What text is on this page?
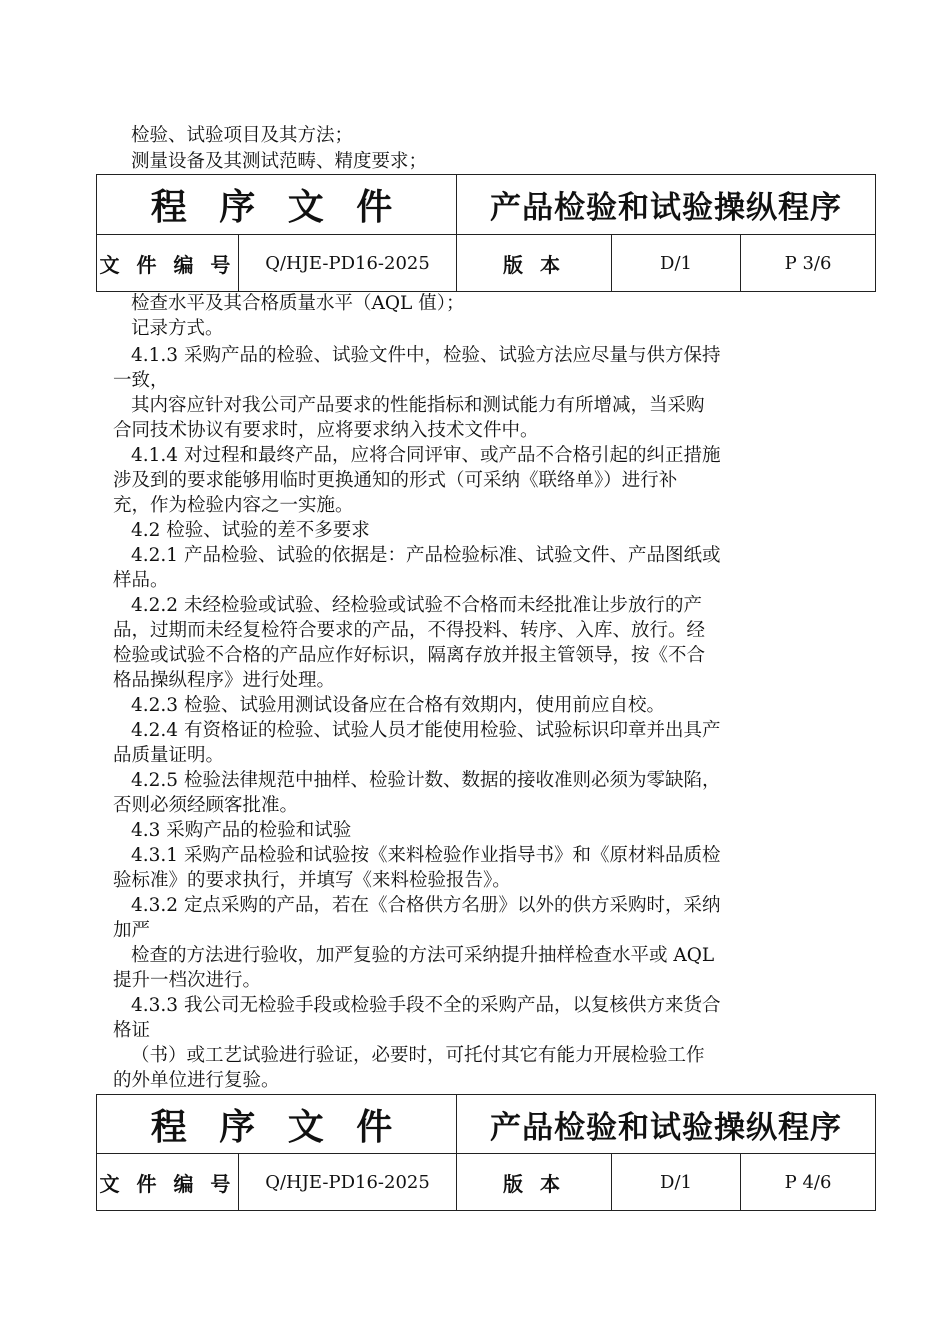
检验、试验项目及其方法；
测量设备及其测试范畴、精度要求；
程 序 文 件		产品检验和试验操纵程序		
文 件 编 号	Q/HJE-PD16-2025	版 本	D/1	P 3/6
检查水平及其合格质量水平（AQL 值）；
记录方式。
4.1.3 采购产品的检验、试验文件中，检验、试验方法应尽量与供方保持
一致，
其内容应针对我公司产品要求的性能指标和测试能力有所增减，当采购
合同技术协议有要求时，应将要求纳入技术文件中。
4.1.4 对过程和最终产品，应将合同评审、或产品不合格引起的纠正措施
涉及到的要求能够用临时更换通知的形式（可采纳《联络单》）进行补
充，作为检验内容之一实施。
4.2 检验、试验的差不多要求
4.2.1 产品检验、试验的依据是：产品检验标准、试验文件、产品图纸或
样品。
4.2.2 未经检验或试验、经检验或试验不合格而未经批准让步放行的产
品，过期而未经复检符合要求的产品，不得投料、转序、入库、放行。经
检验或试验不合格的产品应作好标识，隔离存放并报主管领导，按《不合
格品操纵程序》进行处理。
4.2.3 检验、试验用测试设备应在合格有效期内，使用前应自校。
4.2.4 有资格证的检验、试验人员才能使用检验、试验标识印章并出具产
品质量证明。
4.2.5 检验法律规范中抽样、检验计数、数据的接收准则必须为零缺陷，
否则必须经顾客批准。
4.3 采购产品的检验和试验
4.3.1 采购产品检验和试验按《来料检验作业指导书》和《原材料品质检
验标准》的要求执行，并填写《来料检验报告》。
4.3.2 定点采购的产品，若在《合格供方名册》以外的供方采购时，采纳
加严
检查的方法进行验收，加严复验的方法可采纳提升抽样检查水平或 AQL
提升一档次进行。
4.3.3 我公司无检验手段或检验手段不全的采购产品，以复核供方来货合
格证
（书）或工艺试验进行验证，必要时，可托付其它有能力开展检验工作
的外单位进行复验。
程 序 文 件		产品检验和试验操纵程序		
文 件 编 号	Q/HJE-PD16-2025	版 本	D/1	P 4/6
